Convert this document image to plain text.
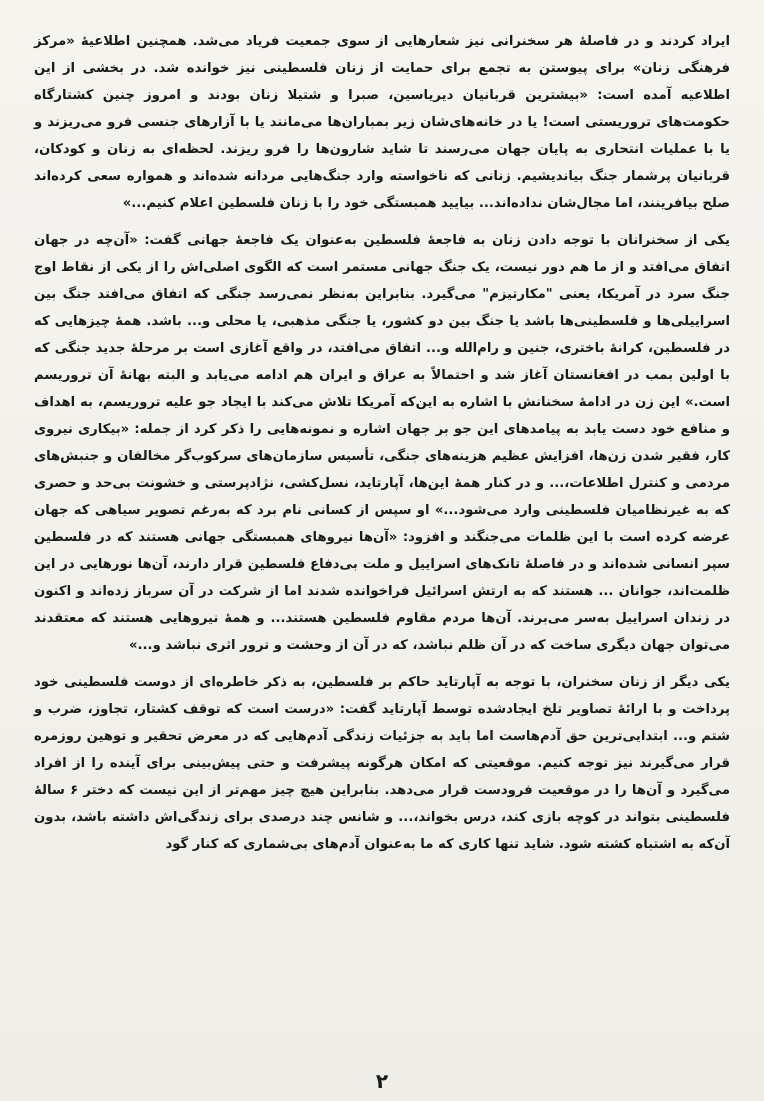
ایراد کردند و در فاصلهٔ هر سخنرانی نیز شعارهایی از سوی جمعیت فریاد می‌شد. همچنین اطلاعیهٔ «مرکز فرهنگی زنان» برای پیوستن به تجمع برای حمایت از زنان فلسطینی نیز خوانده شد. در بخشی از این اطلاعیه آمده است: «بیشترین قربانیان دیریاسین، صبرا و شتیلا زنان بودند و امروز چنین کشتارگاه حکومت‌های تروریستی است! یا در خانه‌های‌شان زیر بمباران‌ها می‌مانند یا با آزارهای جنسی فرو می‌ریزند و یا با عملیات انتحاری به پایان جهان می‌رسند تا شاید شارون‌ها را فرو ریزند. لحظه‌ای به زنان و کودکان، قربانیان پرشمار جنگ بیاندیشیم. زنانی که ناخواسته وارد جنگ‌هایی مردانه شده‌اند و همواره سعی کرده‌اند صلح بیافرینند، اما مجال‌شان نداده‌اند... بیایید همبستگی خود را با زنان فلسطین اعلام کنیم...»

یکی از سخنرانان با توجه دادن زنان به فاجعهٔ فلسطین به‌عنوان یک فاجعهٔ جهانی گفت: «آن‌چه در جهان اتفاق می‌افتد و از ما هم دور نیست، یک جنگ جهانی مستمر است که الگوی اصلی‌اش را از یکی از نقاط اوج جنگ سرد در آمریکا، یعنی "مکارتیزم" می‌گیرد. بنابراین به‌نظر نمی‌رسد جنگی که اتفاق می‌افتد جنگ بین اسراییلی‌ها و فلسطینی‌ها باشد یا جنگ بین دو کشور، یا جنگی مذهبی، یا محلی و... باشد. همهٔ چیزهایی که در فلسطین، کرانهٔ باختری، جنین و رام‌الله و... اتفاق می‌افتد، در واقع آغازی است بر مرحلهٔ جدید جنگی که با اولین بمب در افغانستان آغاز شد و احتمالاً به عراق و ایران هم ادامه می‌یابد و البته بهانهٔ آن تروریسم است.» این زن در ادامهٔ سخنانش با اشاره به این‌که آمریکا تلاش می‌کند با ایجاد جو علیه تروریسم، به اهداف و منافع خود دست یابد به پیامدهای این جو بر جهان اشاره و نمونه‌هایی را ذکر کرد از جمله: «بیکاری نیروی کار، فقیر شدن زن‌ها، افزایش عظیم هزینه‌های جنگی، تأسیس سازمان‌های سرکوب‌گر مخالفان و جنبش‌های مردمی و کنترل اطلاعات،... و در کنار همهٔ این‌ها، آپارتاید، نسل‌کشی، نژادپرستی و خشونت بی‌حد و حصری که به غیرنظامیان فلسطینی وارد می‌شود...» او سپس از کسانی نام برد که به‌رغم تصویر سیاهی که جهان عرضه کرده است با این ظلمات می‌جنگند و افزود: «آن‌ها نیروهای همبستگی جهانی هستند که در فلسطین سپر انسانی شده‌اند و در فاصلهٔ تانک‌های اسراییل و ملت بی‌دفاع فلسطین قرار دارند، آن‌ها نورهایی در این ظلمت‌اند، جوانان ... هستند که به ارتش اسرائیل فراخوانده شدند اما از شرکت در آن سرباز زده‌اند و اکنون در زندان اسراییل به‌سر می‌برند. آن‌ها مردم مقاوم فلسطین هستند... و همهٔ نیروهایی هستند که معتقدند می‌توان جهان دیگری ساخت که در آن ظلم نباشد، که در آن از وحشت و ترور اثری نباشد و...»

یکی دیگر از زنان سخنران، با توجه به آپارتاید حاکم بر فلسطین، به ذکر خاطره‌ای از دوست فلسطینی خود پرداخت و با ارائهٔ تصاویر تلخ ایجادشده توسط آپارتاید گفت: «درست است که توقف کشتار، تجاوز، ضرب و شتم و... ابتدایی‌ترین حق آدم‌هاست اما باید به جزئیات زندگی آدم‌هایی که در معرض تحقیر و توهین روزمره قرار می‌گیرند نیز توجه کنیم. موقعیتی که امکان هرگونه پیشرفت و حتی پیش‌بینی برای آینده را از افراد می‌گیرد و آن‌ها را در موقعیت فرودست قرار می‌دهد. بنابراین هیچ چیز مهم‌تر از این نیست که دختر ۶ سالهٔ فلسطینی بتواند در کوچه بازی کند، درس بخواند،... و شانس چند درصدی برای زندگی‌اش داشته باشد، بدون آن‌که به اشتباه کشته شود. شاید تنها کاری که ما به‌عنوان آدم‌های بی‌شماری که کنار گود

۲
